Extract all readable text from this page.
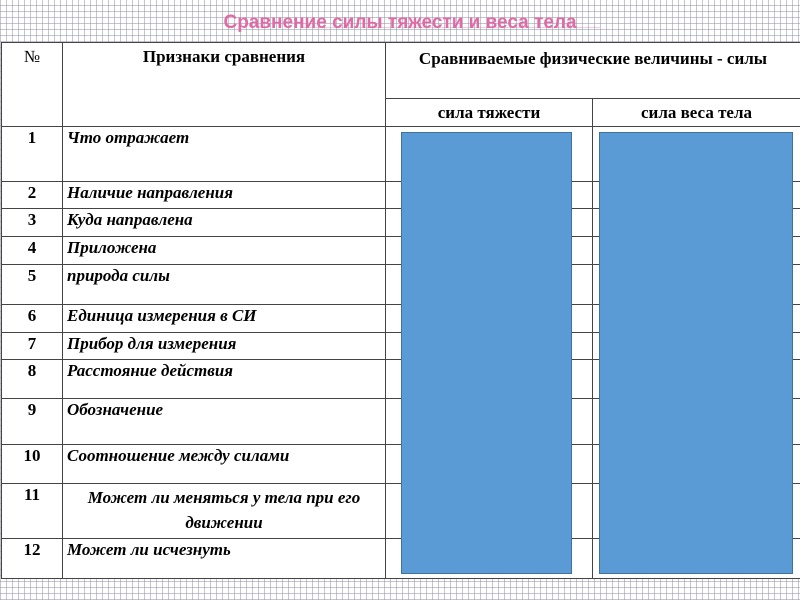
Сравнение силы тяжести и веса тела
№	Признаки сравнения	Сравниваемые физические величины - силы	
		сила тяжести	сила веса тела
1	Что отражает		
2	Наличие направления		
3	Куда направлена		
4	Приложена		
5	природа силы		
6	Единица измерения в СИ		
7	Прибор для измерения		
8	Расстояние действия		
9	Обозначение		
10	Соотношение между силами		
11	Может ли меняться у тела при его движении		
12	Может ли исчезнуть		
